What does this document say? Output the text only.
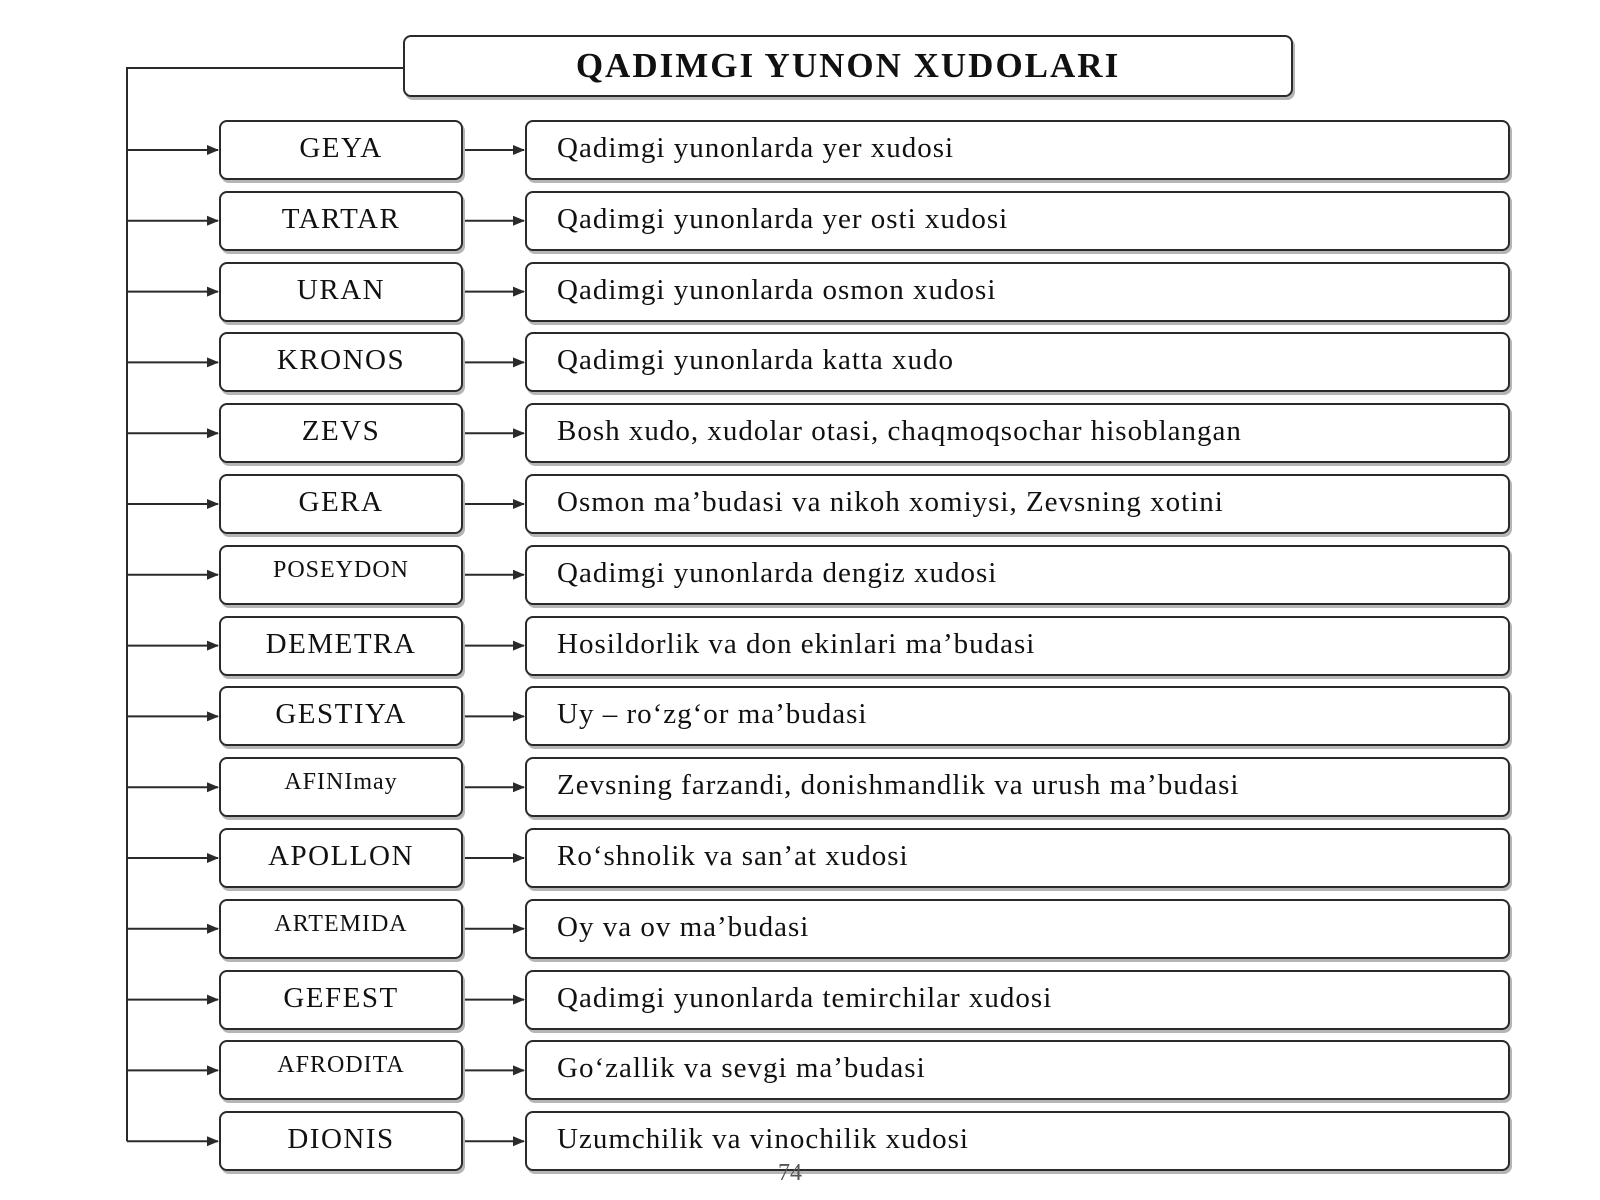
QADIMGI YUNON XUDOLARI
GEYA	Qadimgi yunonlarda yer xudosi
TARTAR	Qadimgi yunonlarda yer osti xudosi
URAN	Qadimgi yunonlarda osmon xudosi
KRONOS	Qadimgi yunonlarda katta xudo
ZEVS	Bosh xudo, xudolar otasi, chaqmoqsochar hisoblangan
GERA	Osmon ma’budasi va nikoh xomiysi, Zevsning xotini
POSEYDON	Qadimgi yunonlarda dengiz xudosi
DEMETRA	Hosildorlik va don ekinlari ma’budasi
GESTIYA	Uy – ro‘zg‘or ma’budasi
AFINImay	Zevsning farzandi, donishmandlik va urush ma’budasi
APOLLON	Ro‘shnolik va san’at xudosi
ARTEMIDA	Oy va ov ma’budasi
GEFEST	Qadimgi yunonlarda temirchilar xudosi
AFRODITA	Go‘zallik va sevgi ma’budasi
DIONIS	Uzumchilik va vinochilik xudosi
74
